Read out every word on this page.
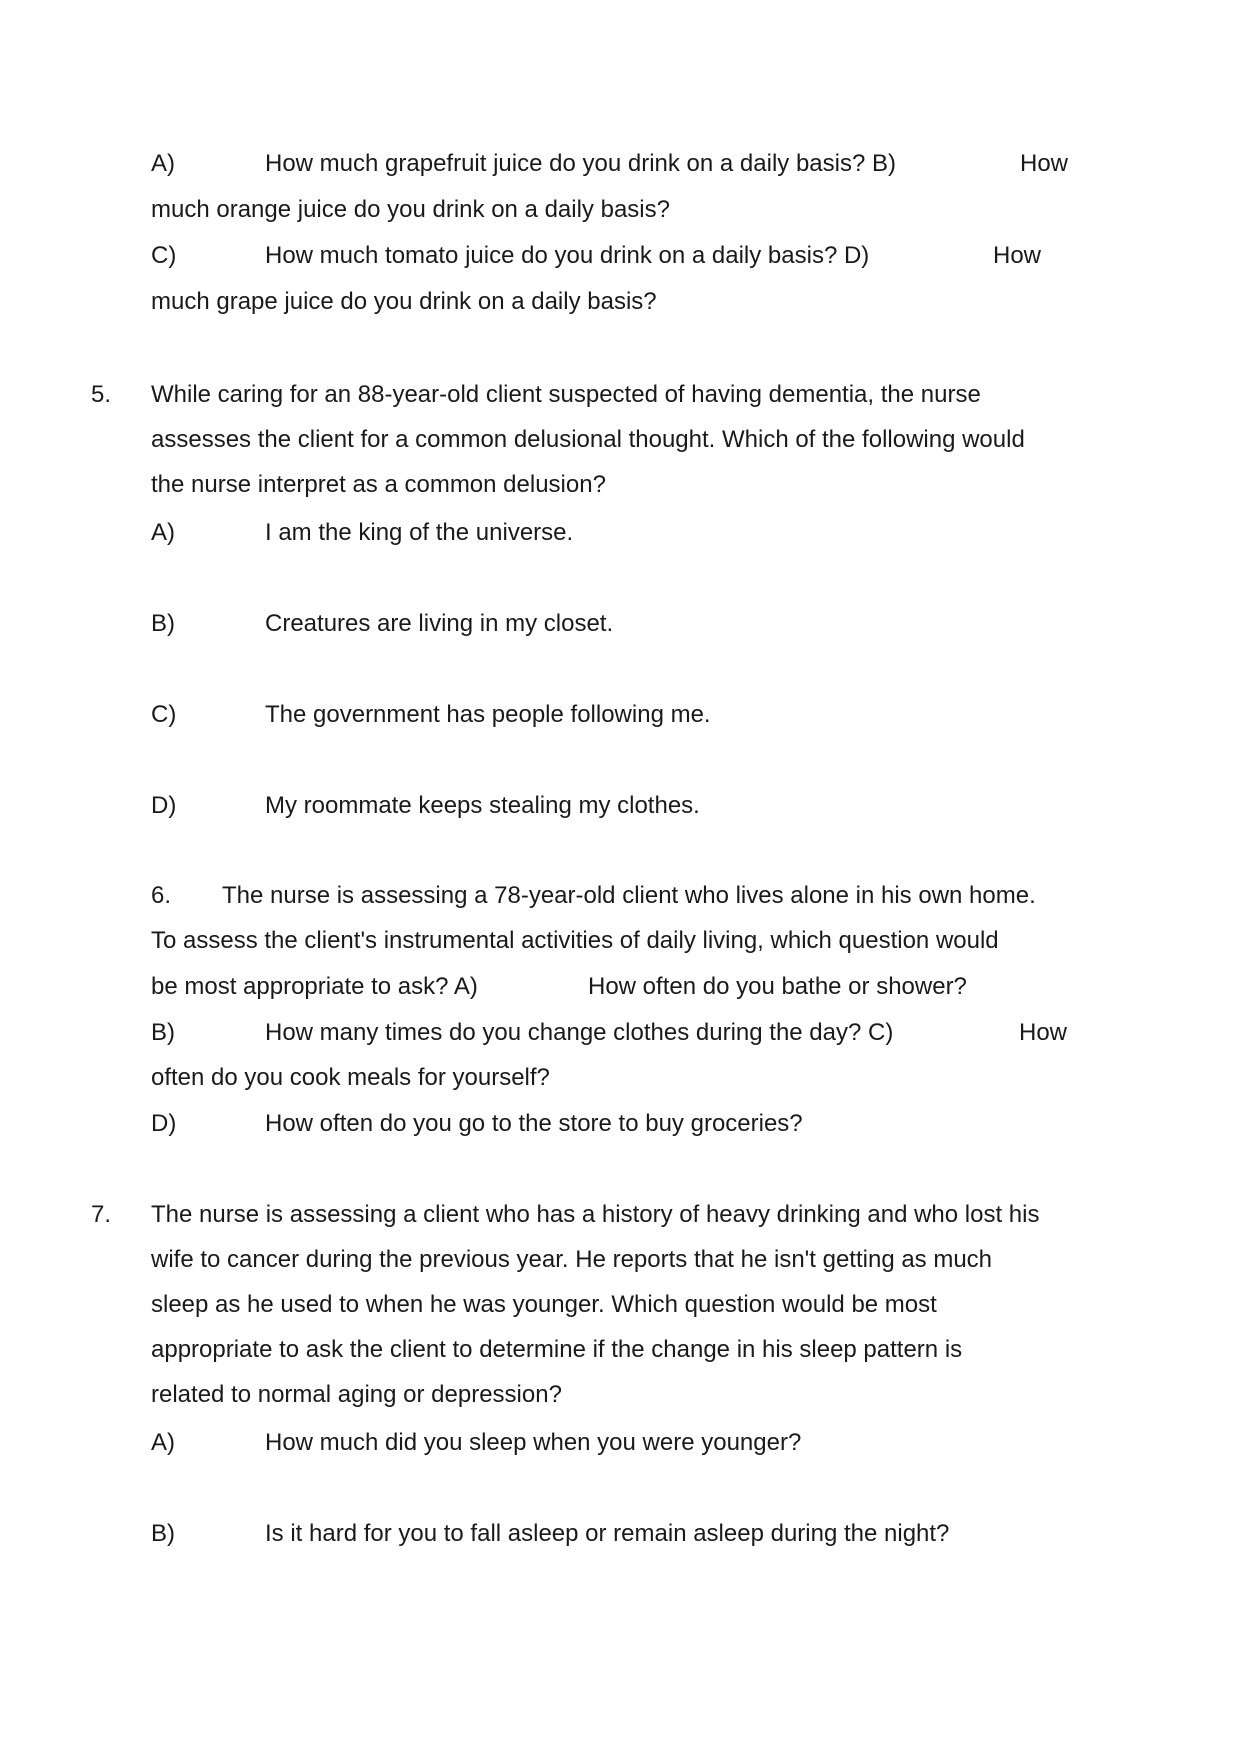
A)	How much grapefruit juice do you drink on a daily basis? B)	How
much orange juice do you drink on a daily basis?
C)	How much tomato juice do you drink on a daily basis? D)	How
much grape juice do you drink on a daily basis?
5. While caring for an 88-year-old client suspected of having dementia, the nurse
assesses the client for a common delusional thought. Which of the following would
the nurse interpret as a common delusion?
A)	I am the king of the universe.
B)	Creatures are living in my closet.
C)	The government has people following me.
D)	My roommate keeps stealing my clothes.
6. The nurse is assessing a 78-year-old client who lives alone in his own home.
To assess the client's instrumental activities of daily living, which question would
be most appropriate to ask? A)	How often do you bathe or shower?
B)	How many times do you change clothes during the day? C)	How
often do you cook meals for yourself?
D)	How often do you go to the store to buy groceries?
7. The nurse is assessing a client who has a history of heavy drinking and who lost his
wife to cancer during the previous year. He reports that he isn't getting as much
sleep as he used to when he was younger. Which question would be most
appropriate to ask the client to determine if the change in his sleep pattern is
related to normal aging or depression?
A)	How much did you sleep when you were younger?
B)	Is it hard for you to fall asleep or remain asleep during the night?
